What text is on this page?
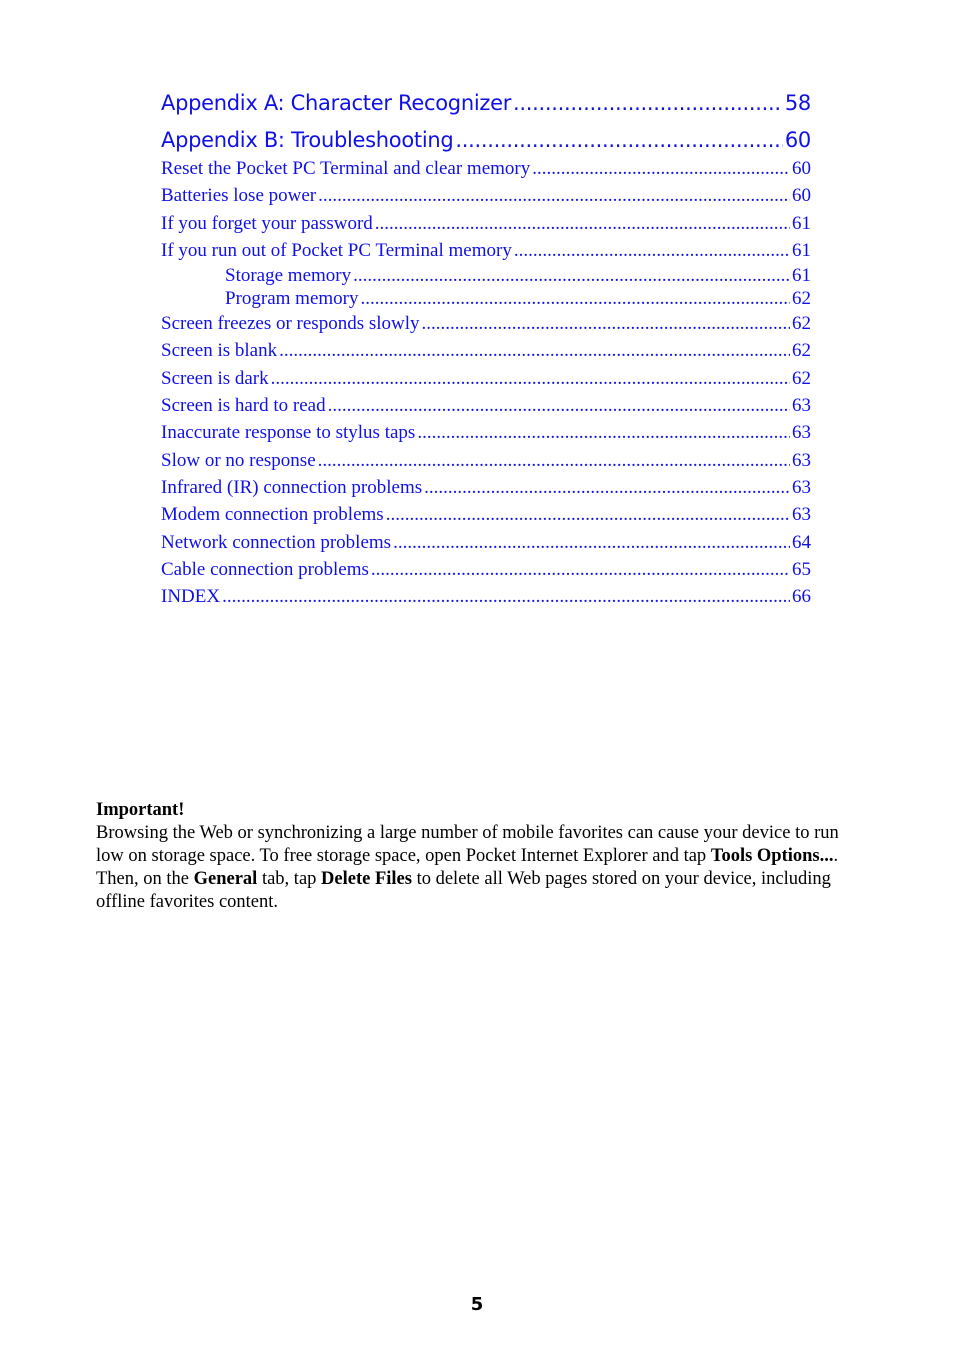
Appendix A: Character Recognizer .....	58
Appendix B: Troubleshooting .....	60
Reset the Pocket PC Terminal and clear memory .....	60
Batteries lose power .....	60
If you forget your password .....	61
If you run out of Pocket PC Terminal memory .....	61
Storage memory .....	61
Program memory .....	62
Screen freezes or responds slowly .....	62
Screen is blank .....	62
Screen is dark .....	62
Screen is hard to read .....	63
Inaccurate response to stylus taps .....	63
Slow or no response .....	63
Infrared (IR) connection problems .....	63
Modem connection problems .....	63
Network connection problems .....	64
Cable connection problems .....	65
INDEX .....	66
Important!
Browsing the Web or synchronizing a large number of mobile favorites can cause your device to run low on storage space. To free storage space, open Pocket Internet Explorer and tap Tools Options.... Then, on the General tab, tap Delete Files to delete all Web pages stored on your device, including offline favorites content.
5
